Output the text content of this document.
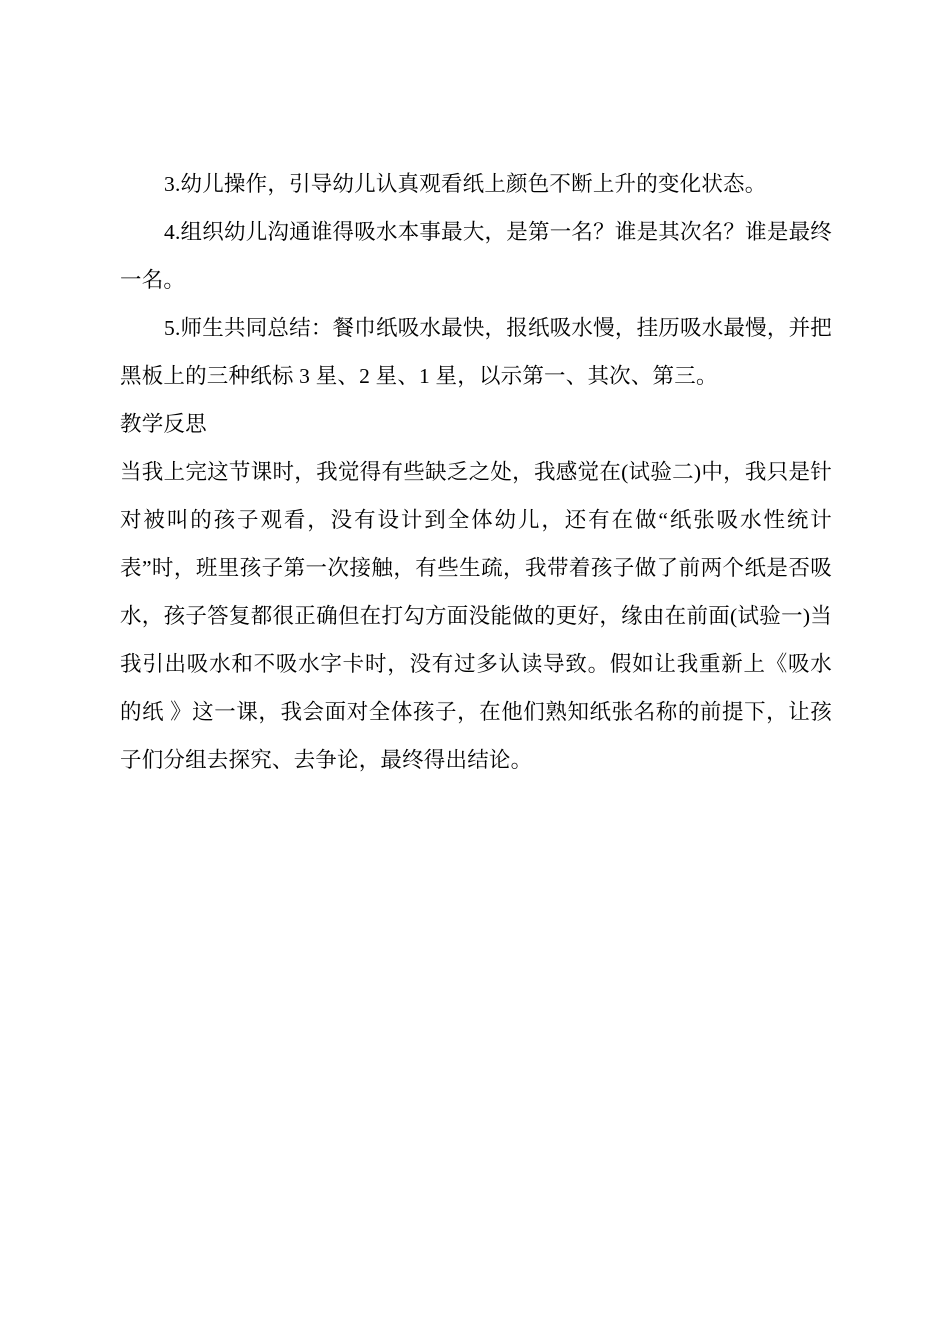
3.幼儿操作，引导幼儿认真观看纸上颜色不断上升的变化状态。

4.组织幼儿沟通谁得吸水本事最大，是第一名？谁是其次名？谁是最终一名。

5.师生共同总结：餐巾纸吸水最快，报纸吸水慢，挂历吸水最慢，并把黑板上的三种纸标 3 星、2 星、1 星，以示第一、其次、第三。

教学反思

当我上完这节课时，我觉得有些缺乏之处，我感觉在(试验二)中，我只是针对被叫的孩子观看，没有设计到全体幼儿，还有在做“纸张吸水性统计表”时，班里孩子第一次接触，有些生疏，我带着孩子做了前两个纸是否吸水，孩子答复都很正确但在打勾方面没能做的更好，缘由在前面(试验一)当我引出吸水和不吸水字卡时，没有过多认读导致。假如让我重新上《吸水的纸 》这一课，我会面对全体孩子，在他们熟知纸张名称的前提下，让孩子们分组去探究、去争论，最终得出结论。
